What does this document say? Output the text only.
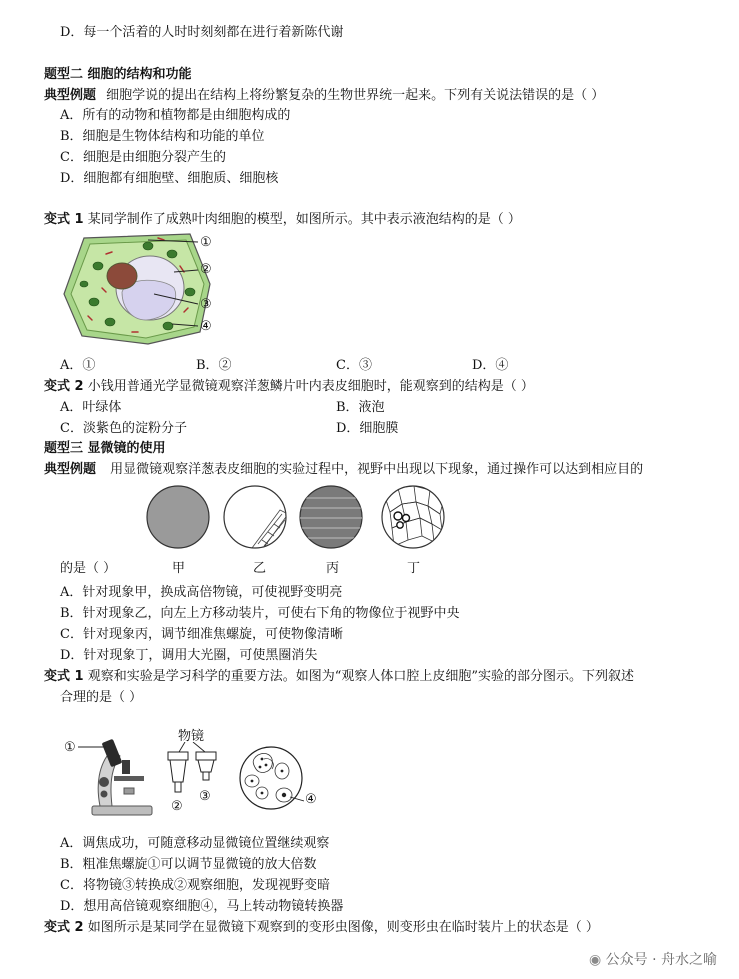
D．每一个活着的人时时刻刻都在进行着新陈代谢
题型二 细胞的结构和功能
典型例题 细胞学说的提出在结构上将纷繁复杂的生物世界统一起来。下列有关说法错误的是（ ）
A．所有的动物和植物都是由细胞构成的
B．细胞是生物体结构和功能的单位
C．细胞是由细胞分裂产生的
D．细胞都有细胞壁、细胞质、细胞核
变式 1 某同学制作了成熟叶肉细胞的模型，如图所示。其中表示液泡结构的是（ ）
①
②
③
④
A．①	B．②	C．③	D．④
变式 2 小钱用普通光学显微镜观察洋葱鳞片叶内表皮细胞时，能观察到的结构是（ ）
A．叶绿体	B．液泡
C．淡紫色的淀粉分子	D．细胞膜
题型三 显微镜的使用
典型例题 用显微镜观察洋葱表皮细胞的实验过程中，视野中出现以下现象，通过操作可以达到相应目的
甲	乙	丙	丁
的是（ ）
A．针对现象甲，换成高倍物镜，可使视野变明亮
B．针对现象乙，向左上方移动装片，可使右下角的物像位于视野中央
C．针对现象丙，调节细准焦螺旋，可使物像清晰
D．针对现象丁，调用大光圈，可使黑圈消失
变式 1 观察和实验是学习科学的重要方法。如图为“观察人体口腔上皮细胞”实验的部分图示。下列叙述
合理的是（ ）
①
物镜
②
③	④
A．调焦成功，可随意移动显微镜位置继续观察
B．粗准焦螺旋①可以调节显微镜的放大倍数
C．将物镜③转换成②观察细胞，发现视野变暗
D．想用高倍镜观察细胞④，马上转动物镜转换器
变式 2 如图所示是某同学在显微镜下观察到的变形虫图像，则变形虫在临时装片上的状态是（ ）
◉ 公众号 · 舟水之喻
